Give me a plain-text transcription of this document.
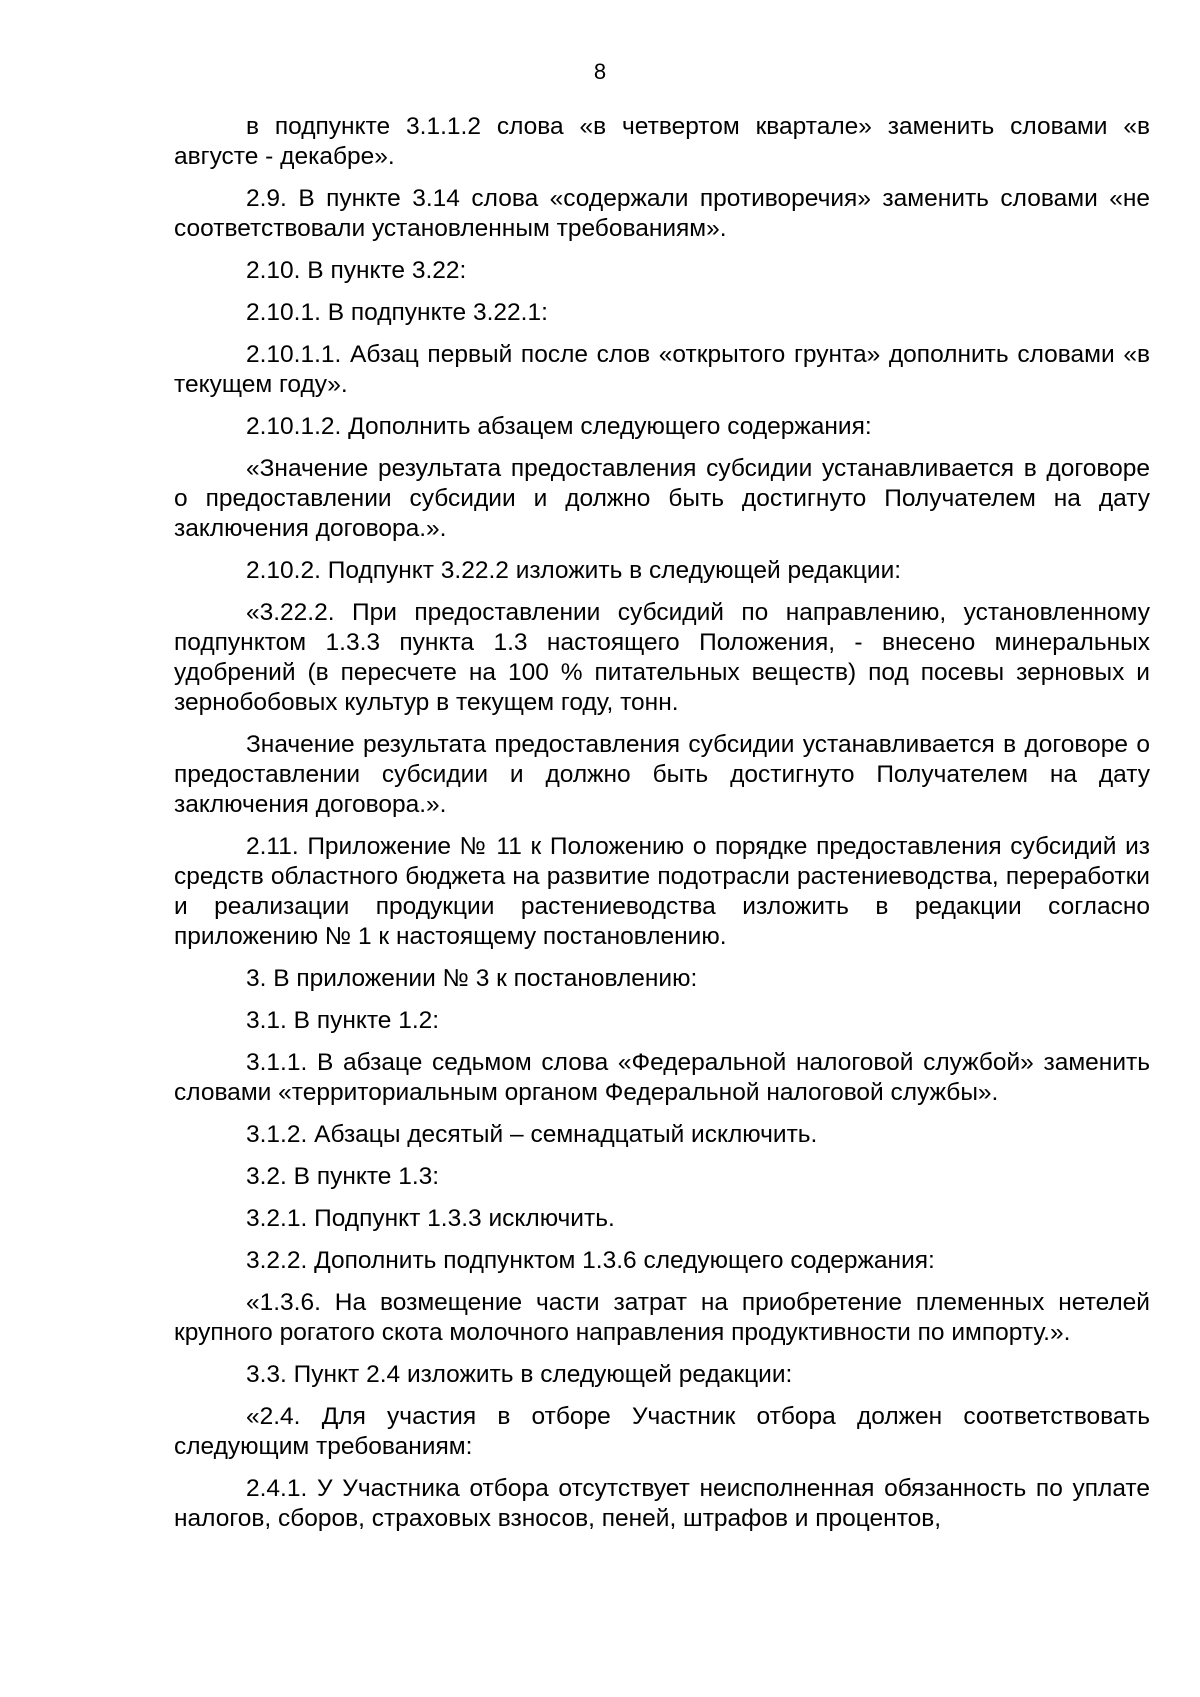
8

в подпункте 3.1.1.2 слова «в четвертом квартале» заменить словами «в августе - декабре».

2.9. В пункте 3.14 слова «содержали противоречия» заменить словами «не соответствовали установленным требованиям».

2.10. В пункте 3.22:

2.10.1. В подпункте 3.22.1:

2.10.1.1. Абзац первый после слов «открытого грунта» дополнить словами «в текущем году».

2.10.1.2. Дополнить абзацем следующего содержания:

«Значение результата предоставления субсидии устанавливается в договоре о предоставлении субсидии и должно быть достигнуто Получателем на дату заключения договора.».

2.10.2. Подпункт 3.22.2 изложить в следующей редакции:

«3.22.2. При предоставлении субсидий по направлению, установленному подпунктом 1.3.3 пункта 1.3 настоящего Положения, - внесено минеральных удобрений (в пересчете на 100 % питательных веществ) под посевы зерновых и зернобобовых культур в текущем году, тонн.

Значение результата предоставления субсидии устанавливается в договоре о предоставлении субсидии и должно быть достигнуто Получателем на дату заключения договора.».

2.11. Приложение № 11 к Положению о порядке предоставления субсидий из средств областного бюджета на развитие подотрасли растениеводства, переработки и реализации продукции растениеводства изложить в редакции согласно приложению № 1 к настоящему постановлению.

3. В приложении № 3 к постановлению:

3.1. В пункте 1.2:

3.1.1. В абзаце седьмом слова «Федеральной налоговой службой» заменить словами «территориальным органом Федеральной налоговой службы».

3.1.2. Абзацы десятый – семнадцатый исключить.

3.2. В пункте 1.3:

3.2.1. Подпункт 1.3.3 исключить.

3.2.2. Дополнить подпунктом 1.3.6 следующего содержания:

«1.3.6. На возмещение части затрат на приобретение племенных нетелей крупного рогатого скота молочного направления продуктивности по импорту.».

3.3. Пункт 2.4 изложить в следующей редакции:

«2.4. Для участия в отборе Участник отбора должен соответствовать следующим требованиям:

2.4.1. У Участника отбора отсутствует неисполненная обязанность по уплате налогов, сборов, страховых взносов, пеней, штрафов и процентов,
